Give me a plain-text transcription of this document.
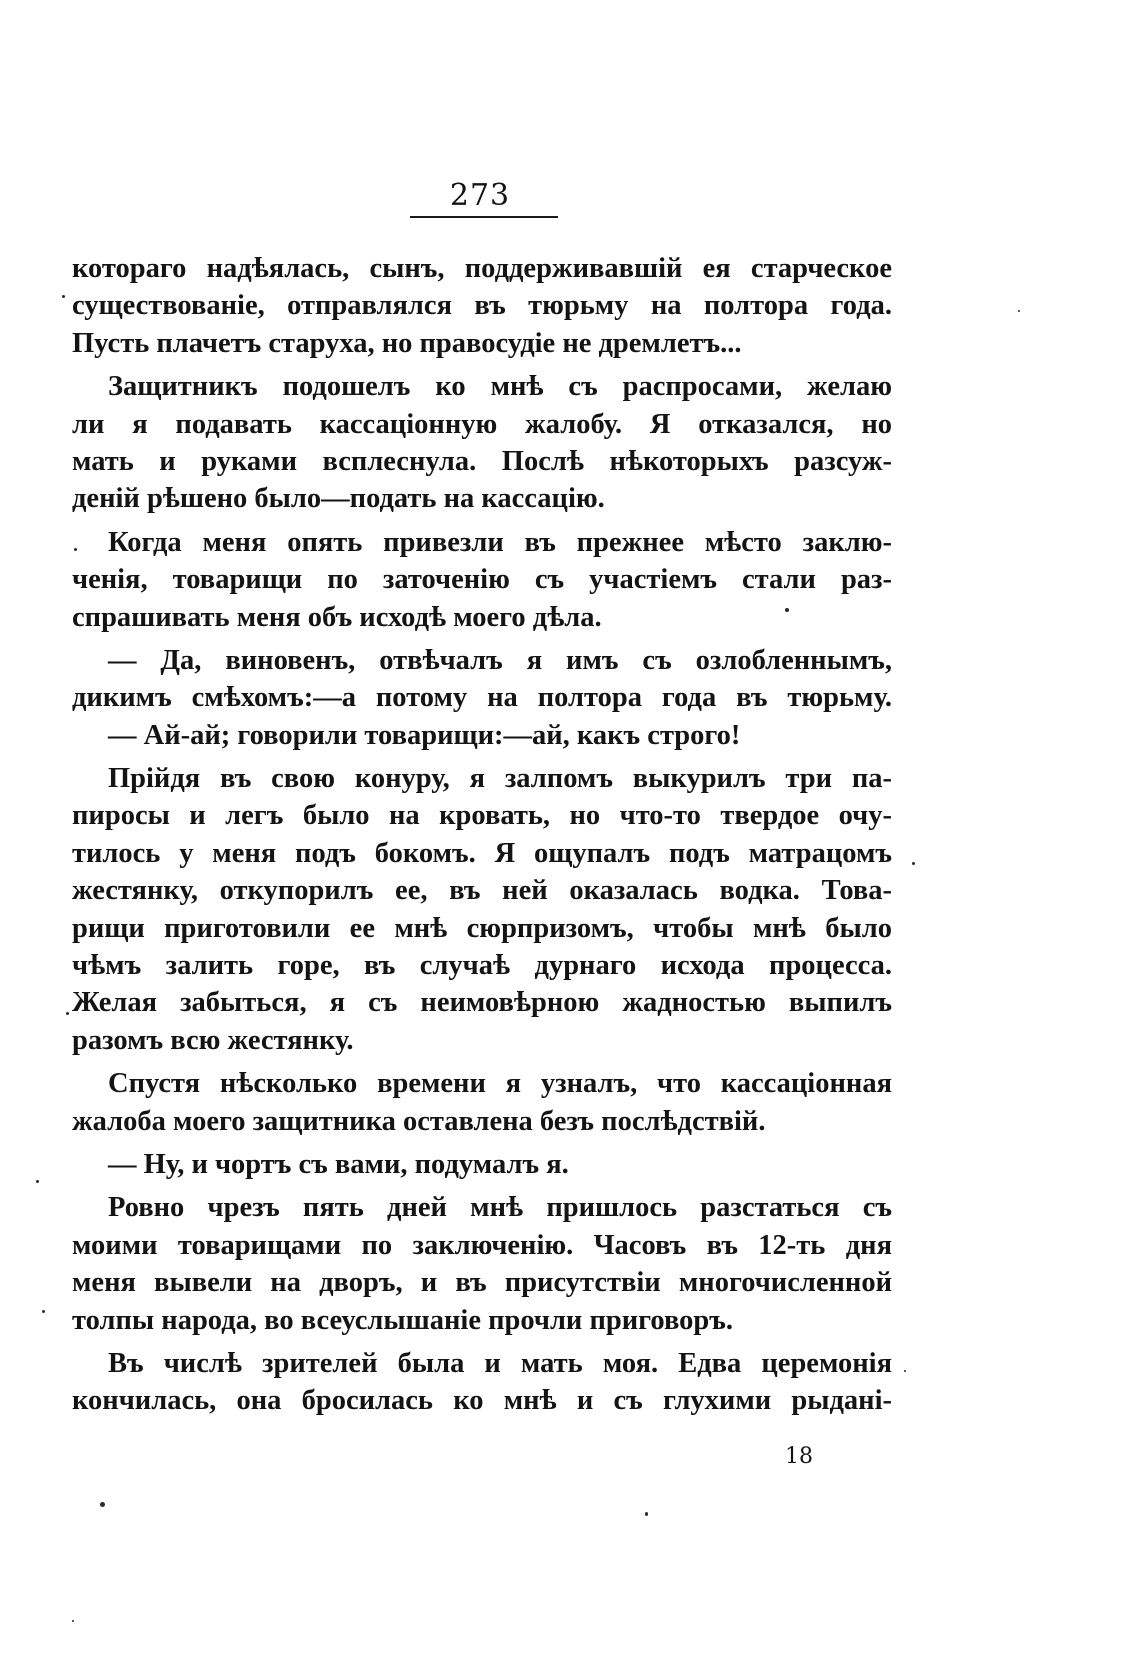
273
котораго надѣялась, сынъ, поддерживавшій ея старческое
существованіе, отправлялся въ тюрьму на полтора года.
Пусть плачетъ старуха, но правосудіе не дремлетъ...
Защитникъ подошелъ ко мнѣ съ распросами, желаю
ли я подавать кассаціонную жалобу. Я отказался, но
мать и руками всплеснула. Послѣ нѣкоторыхъ разсуж-
деній рѣшено было—подать на кассацію.
Когда меня опять привезли въ прежнее мѣсто заклю-
ченія, товарищи по заточенію съ участіемъ стали раз-
спрашивать меня объ исходѣ моего дѣла.
— Да, виновенъ, отвѣчалъ я имъ съ озлобленнымъ,
дикимъ смѣхомъ:—а потому на полтора года въ тюрьму.
— Ай-ай; говорили товарищи:—ай, какъ строго!
Прійдя въ свою конуру, я залпомъ выкурилъ три па-
пиросы и легъ было на кровать, но что-то твердое очу-
тилось у меня подъ бокомъ. Я ощупалъ подъ матрацомъ
жестянку, откупорилъ ее, въ ней оказалась водка. Това-
рищи приготовили ее мнѣ сюрпризомъ, чтобы мнѣ было
чѣмъ залить горе, въ случаѣ дурнаго исхода процесса.
Желая забыться, я съ неимовѣрною жадностью выпилъ
разомъ всю жестянку.
Спустя нѣсколько времени я узналъ, что кассаціонная
жалоба моего защитника оставлена безъ послѣдствій.
— Ну, и чортъ съ вами, подумалъ я.
Ровно чрезъ пять дней мнѣ пришлось разстаться съ
моими товарищами по заключенію. Часовъ въ 12-ть дня
меня вывели на дворъ, и въ присутствіи многочисленной
толпы народа, во всеуслышаніе прочли приговоръ.
Въ числѣ зрителей была и мать моя. Едва церемонія
кончилась, она бросилась ко мнѣ и съ глухими рыдані-
18
